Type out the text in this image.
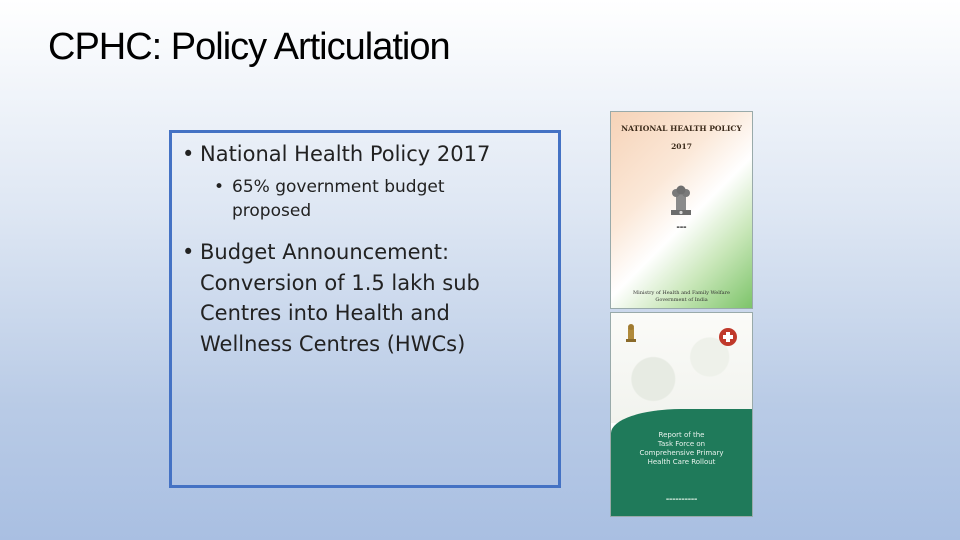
CPHC: Policy Articulation
• National Health Policy 2017
• 65% government budget proposed
• Budget Announcement: Conversion of 1.5 lakh sub Centres into Health and Wellness Centres (HWCs)
NATIONAL HEALTH POLICY
2017
▬▬▬
Ministry of Health and Family Welfare
Government of India
Report of the
Task Force on
Comprehensive Primary
Health Care Rollout
▬▬▬▬▬▬▬▬▬▬
